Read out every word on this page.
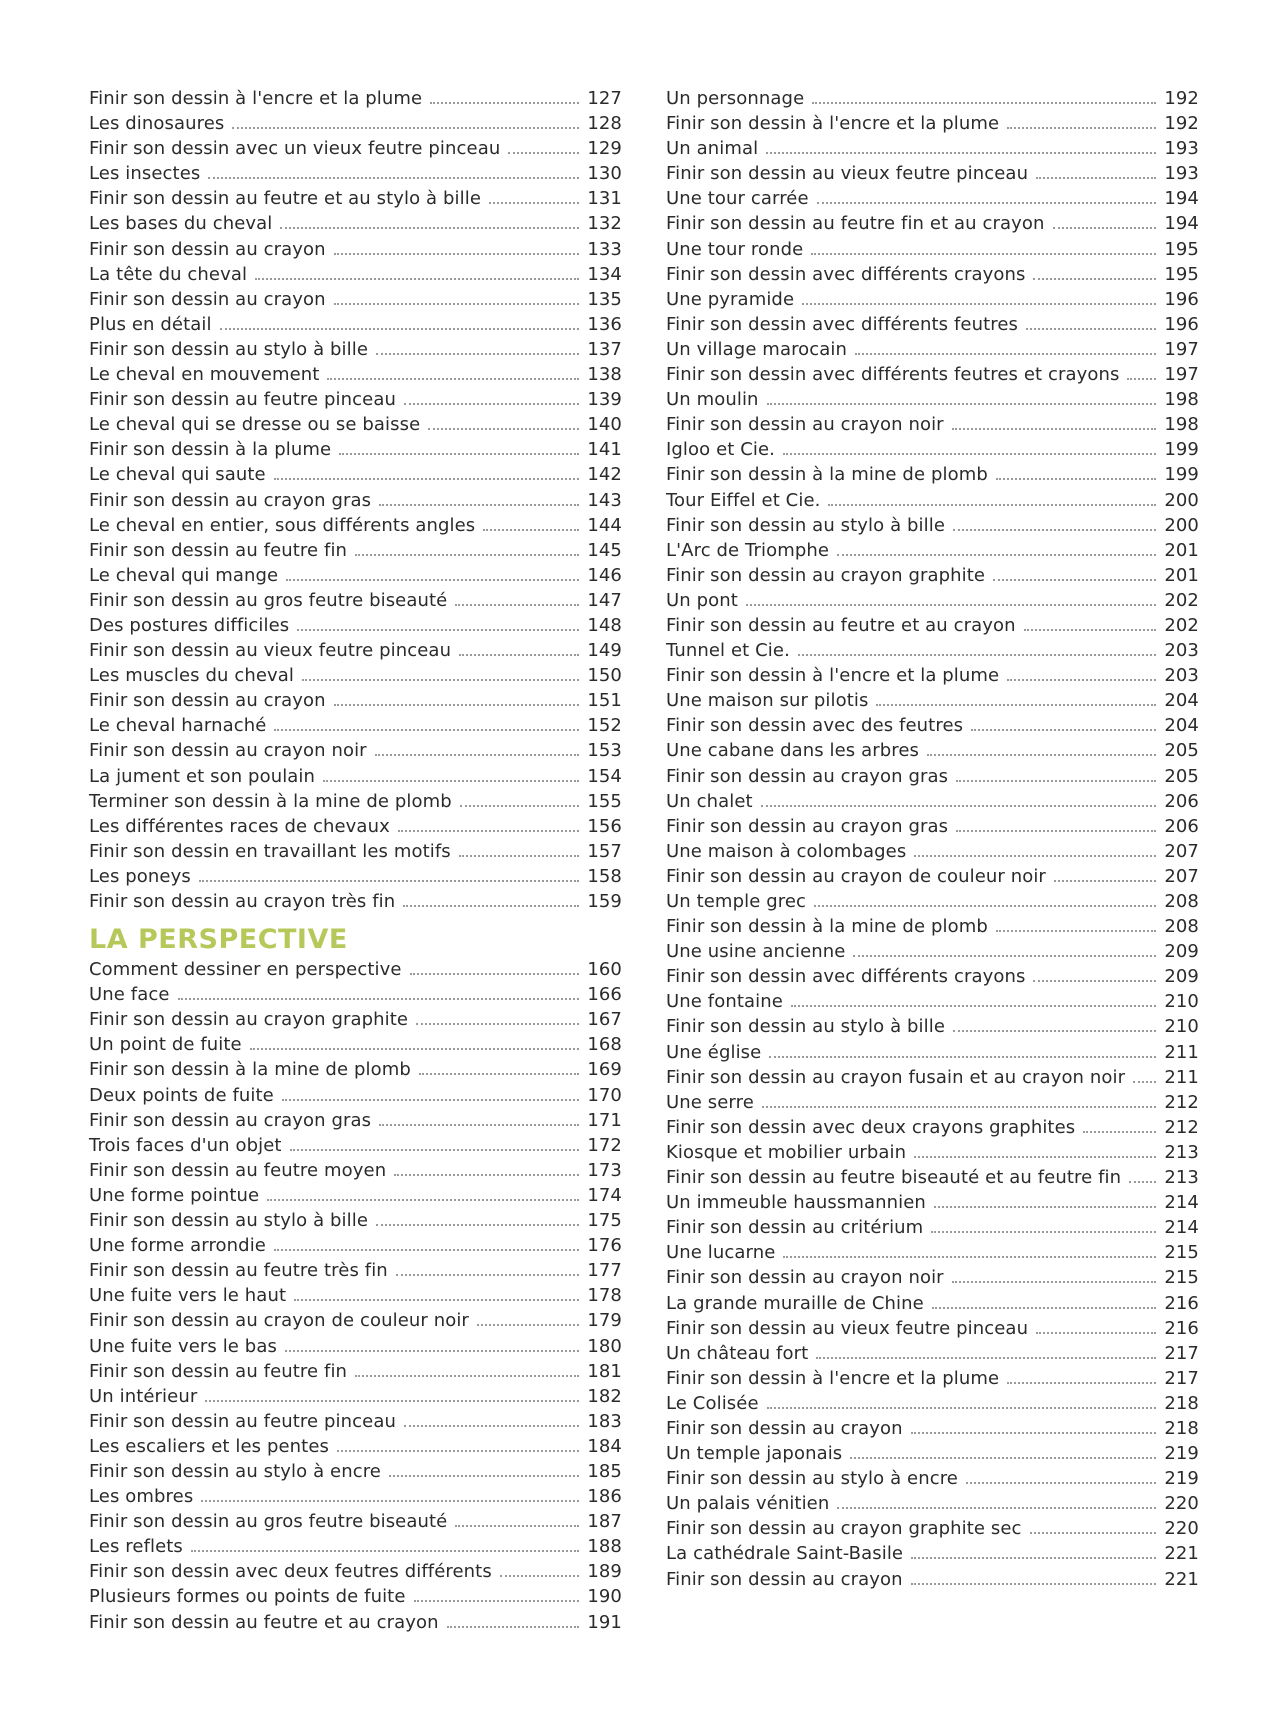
Finir son dessin à l'encre et la plume	127
Les dinosaures	128
Finir son dessin avec un vieux feutre pinceau	129
Les insectes	130
Finir son dessin au feutre et au stylo à bille	131
Les bases du cheval	132
Finir son dessin au crayon	133
La tête du cheval	134
Finir son dessin au crayon	135
Plus en détail	136
Finir son dessin au stylo à bille	137
Le cheval en mouvement	138
Finir son dessin au feutre pinceau	139
Le cheval qui se dresse ou se baisse	140
Finir son dessin à la plume	141
Le cheval qui saute	142
Finir son dessin au crayon gras	143
Le cheval en entier, sous différents angles	144
Finir son dessin au feutre fin	145
Le cheval qui mange	146
Finir son dessin au gros feutre biseauté	147
Des postures difficiles	148
Finir son dessin au vieux feutre pinceau	149
Les muscles du cheval	150
Finir son dessin au crayon	151
Le cheval harnaché	152
Finir son dessin au crayon noir	153
La jument et son poulain	154
Terminer son dessin à la mine de plomb	155
Les différentes races de chevaux	156
Finir son dessin en travaillant les motifs	157
Les poneys	158
Finir son dessin au crayon très fin	159
LA PERSPECTIVE
Comment dessiner en perspective	160
Une face	166
Finir son dessin au crayon graphite	167
Un point de fuite	168
Finir son dessin à la mine de plomb	169
Deux points de fuite	170
Finir son dessin au crayon gras	171
Trois faces d'un objet	172
Finir son dessin au feutre moyen	173
Une forme pointue	174
Finir son dessin au stylo à bille	175
Une forme arrondie	176
Finir son dessin au feutre très fin	177
Une fuite vers le haut	178
Finir son dessin au crayon de couleur noir	179
Une fuite vers le bas	180
Finir son dessin au feutre fin	181
Un intérieur	182
Finir son dessin au feutre pinceau	183
Les escaliers et les pentes	184
Finir son dessin au stylo à encre	185
Les ombres	186
Finir son dessin au gros feutre biseauté	187
Les reflets	188
Finir son dessin avec deux feutres différents	189
Plusieurs formes ou points de fuite	190
Finir son dessin au feutre et au crayon	191
Un personnage	192
Finir son dessin à l'encre et la plume	192
Un animal	193
Finir son dessin au vieux feutre pinceau	193
Une tour carrée	194
Finir son dessin au feutre fin et au crayon	194
Une tour ronde	195
Finir son dessin avec différents crayons	195
Une pyramide	196
Finir son dessin avec différents feutres	196
Un village marocain	197
Finir son dessin avec différents feutres et crayons	197
Un moulin	198
Finir son dessin au crayon noir	198
Igloo et Cie.	199
Finir son dessin à la mine de plomb	199
Tour Eiffel et Cie.	200
Finir son dessin au stylo à bille	200
L'Arc de Triomphe	201
Finir son dessin au crayon graphite	201
Un pont	202
Finir son dessin au feutre et au crayon	202
Tunnel et Cie.	203
Finir son dessin à l'encre et la plume	203
Une maison sur pilotis	204
Finir son dessin avec des feutres	204
Une cabane dans les arbres	205
Finir son dessin au crayon gras	205
Un chalet	206
Finir son dessin au crayon gras	206
Une maison à colombages	207
Finir son dessin au crayon de couleur noir	207
Un temple grec	208
Finir son dessin à la mine de plomb	208
Une usine ancienne	209
Finir son dessin avec différents crayons	209
Une fontaine	210
Finir son dessin au stylo à bille	210
Une église	211
Finir son dessin au crayon fusain et au crayon noir	211
Une serre	212
Finir son dessin avec deux crayons graphites	212
Kiosque et mobilier urbain	213
Finir son dessin au feutre biseauté et au feutre fin	213
Un immeuble haussmannien	214
Finir son dessin au critérium	214
Une lucarne	215
Finir son dessin au crayon noir	215
La grande muraille de Chine	216
Finir son dessin au vieux feutre pinceau	216
Un château fort	217
Finir son dessin à l'encre et la plume	217
Le Colisée	218
Finir son dessin au crayon	218
Un temple japonais	219
Finir son dessin au stylo à encre	219
Un palais vénitien	220
Finir son dessin au crayon graphite sec	220
La cathédrale Saint-Basile	221
Finir son dessin au crayon	221
